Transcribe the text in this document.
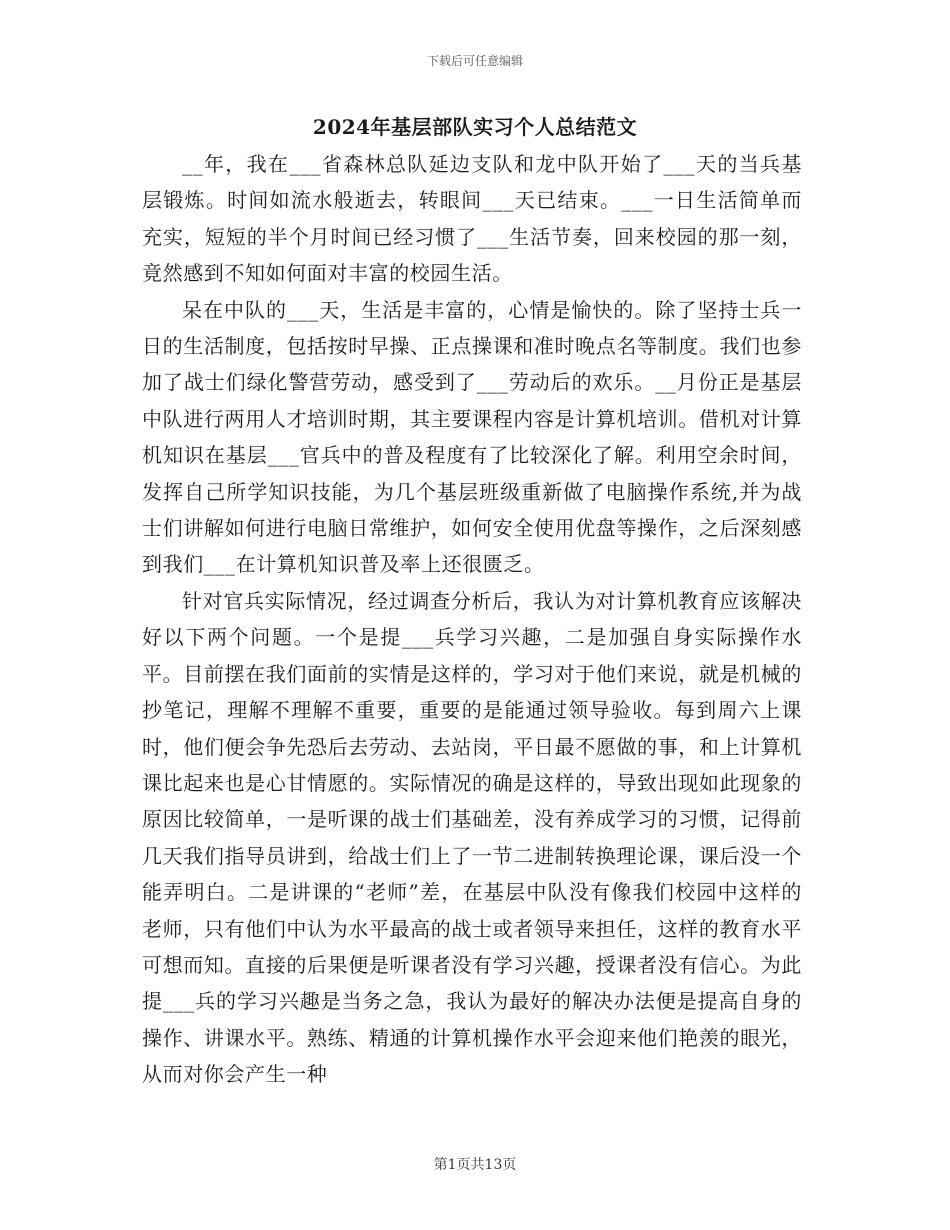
下载后可任意编辑
2024年基层部队实习个人总结范文

__年，我在___省森林总队延边支队和龙中队开始了___天的当兵基层锻炼。时间如流水般逝去，转眼间___天已结束。___一日生活简单而充实，短短的半个月时间已经习惯了___生活节奏，回来校园的那一刻，竟然感到不知如何面对丰富的校园生活。

呆在中队的___天，生活是丰富的，心情是愉快的。除了坚持士兵一日的生活制度，包括按时早操、正点操课和准时晚点名等制度。我们也参加了战士们绿化警营劳动，感受到了___劳动后的欢乐。__月份正是基层中队进行两用人才培训时期，其主要课程内容是计算机培训。借机对计算机知识在基层___官兵中的普及程度有了比较深化了解。利用空余时间，发挥自己所学知识技能，为几个基层班级重新做了电脑操作系统,并为战士们讲解如何进行电脑日常维护，如何安全使用优盘等操作，之后深刻感到我们___在计算机知识普及率上还很匮乏。

针对官兵实际情况，经过调查分析后，我认为对计算机教育应该解决好以下两个问题。一个是提___兵学习兴趣，二是加强自身实际操作水平。目前摆在我们面前的实情是这样的，学习对于他们来说，就是机械的抄笔记，理解不理解不重要，重要的是能通过领导验收。每到周六上课时，他们便会争先恐后去劳动、去站岗，平日最不愿做的事，和上计算机课比起来也是心甘情愿的。实际情况的确是这样的，导致出现如此现象的原因比较简单，一是听课的战士们基础差，没有养成学习的习惯，记得前几天我们指导员讲到，给战士们上了一节二进制转换理论课，课后没一个能弄明白。二是讲课的“老师”差，在基层中队没有像我们校园中这样的老师，只有他们中认为水平最高的战士或者领导来担任，这样的教育水平可想而知。直接的后果便是听课者没有学习兴趣，授课者没有信心。为此提___兵的学习兴趣是当务之急，我认为最好的解决办法便是提高自身的操作、讲课水平。熟练、精通的计算机操作水平会迎来他们艳羡的眼光，从而对你会产生一种

第1页共13页
